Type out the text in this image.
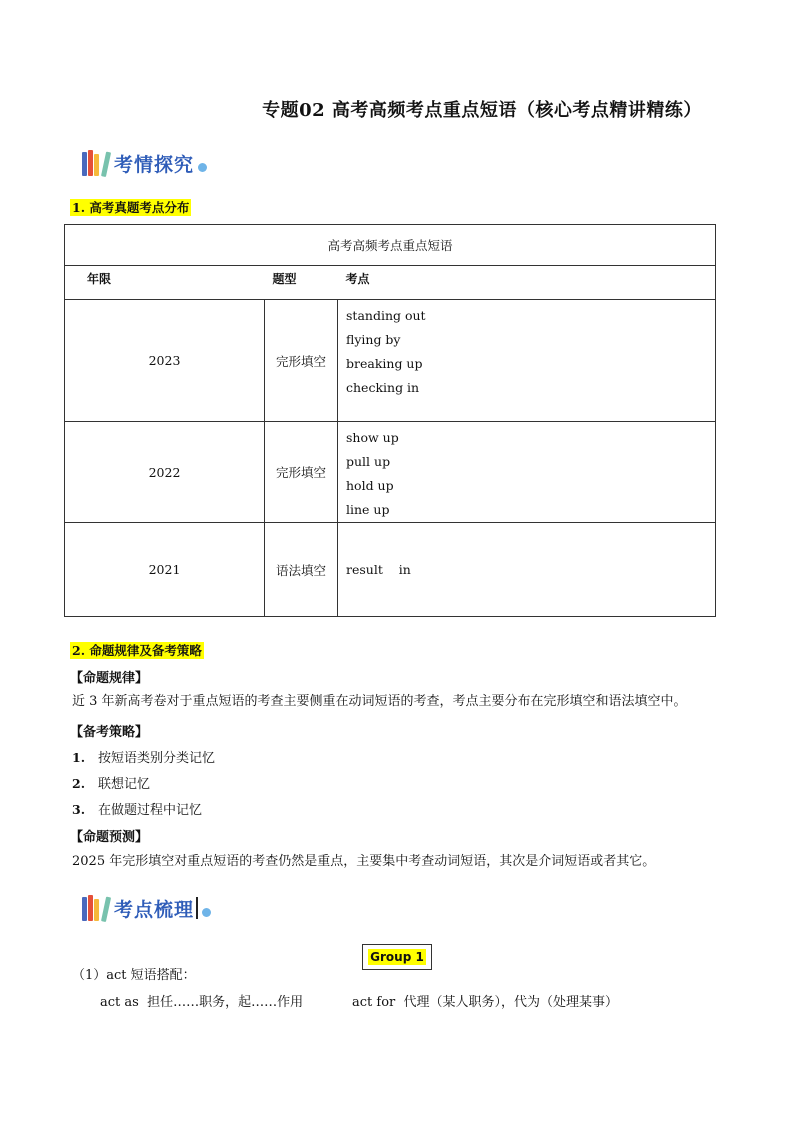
专题02 高考高频考点重点短语（核心考点精讲精练）
考情探究
1. 高考真题考点分布
高考高频考点重点短语		
年限	题型	考点
2023	完形填空	standing out
flying by
breaking up
checking in

2022	完形填空	show up
pull up
hold up
line up

2021	语法填空	result    in
2. 命题规律及备考策略
【命题规律】
近 3 年新高考卷对于重点短语的考查主要侧重在动词短语的考查，考点主要分布在完形填空和语法填空中。
【备考策略】
1. 按短语类别分类记忆
2. 联想记忆
3. 在做题过程中记忆
【命题预测】
2025 年完形填空对重点短语的考查仍然是重点，主要集中考查动词短语，其次是介词短语或者其它。
考点梳理
Group 1
（1）act 短语搭配：
act as  担任……职务，起……作用	act for  代理（某人职务），代为（处理某事）
